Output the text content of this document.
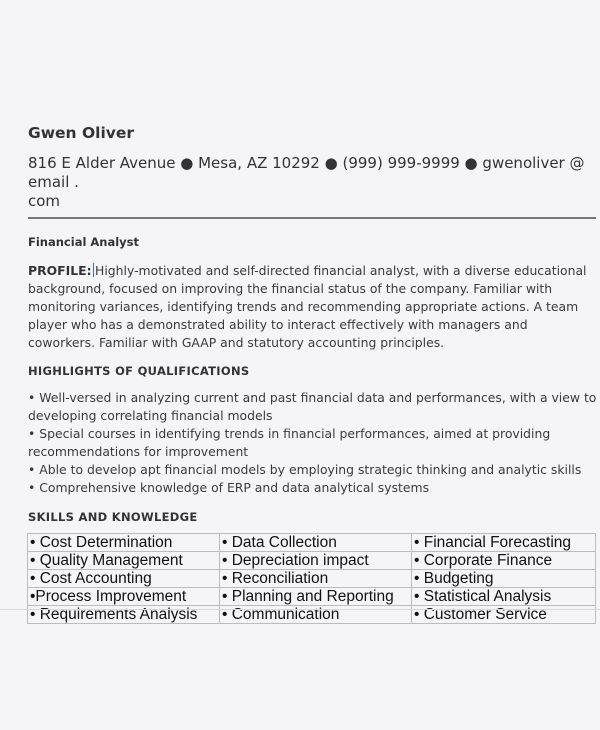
Gwen Oliver
816 E Alder Avenue ● Mesa, AZ 10292 ● (999) 999-9999 ● gwenoliver @ email .
com
Financial Analyst
PROFILE: Highly-motivated and self-directed financial analyst, with a diverse educational background, focused on improving the financial status of the company. Familiar with monitoring variances, identifying trends and recommending appropriate actions. A team player who has a demonstrated ability to interact effectively with managers and coworkers. Familiar with GAAP and statutory accounting principles.
HIGHLIGHTS OF QUALIFICATIONS
• Well-versed in analyzing current and past financial data and performances, with a view to developing correlating financial models
• Special courses in identifying trends in financial performances, aimed at providing recommendations for improvement
• Able to develop apt financial models by employing strategic thinking and analytic skills
• Comprehensive knowledge of ERP and data analytical systems
SKILLS AND KNOWLEDGE
• Cost Determination	• Data Collection	• Financial Forecasting
• Quality Management	• Depreciation impact	• Corporate Finance
• Cost Accounting	• Reconciliation	• Budgeting
•Process Improvement	• Planning and Reporting	• Statistical Analysis
• Requirements Analysis	• Communication	• Customer Service
